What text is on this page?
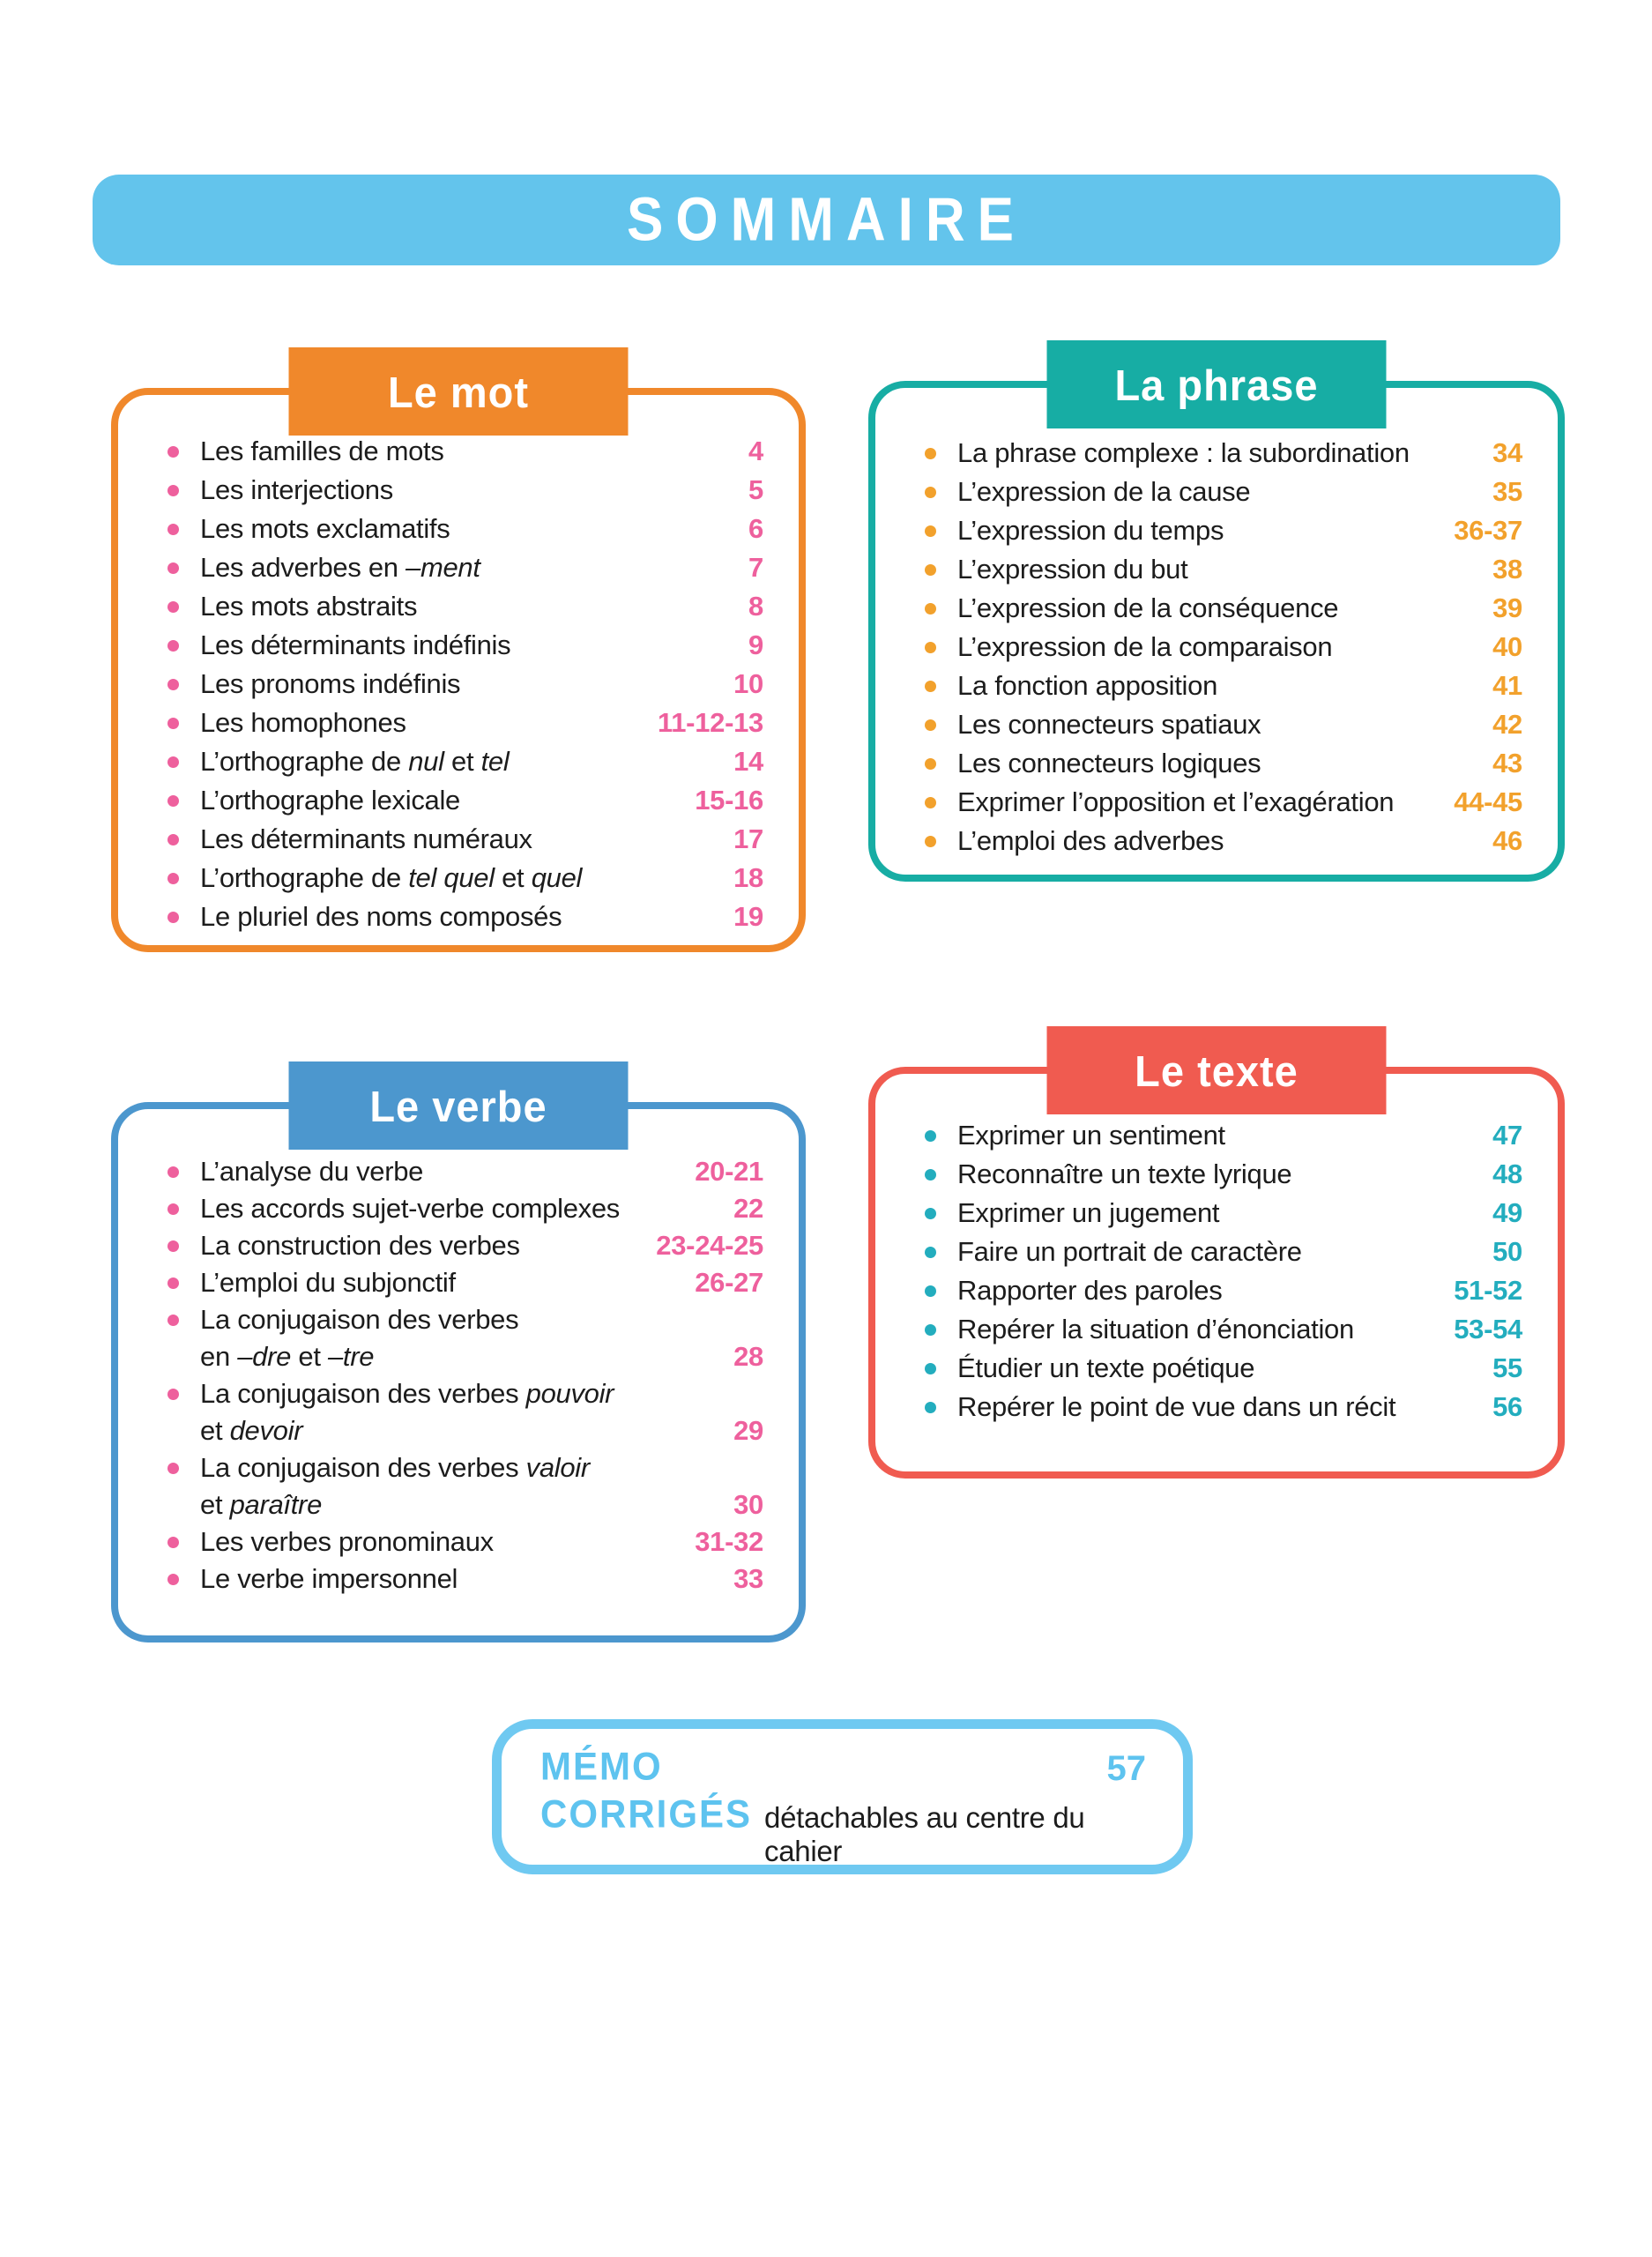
SOMMAIRE
Le mot
Les familles de mots	4
Les interjections	5
Les mots exclamatifs	6
Les adverbes en –ment	7
Les mots abstraits	8
Les déterminants indéfinis	9
Les pronoms indéfinis	10
Les homophones	11-12-13
L’orthographe de nul et tel	14
L’orthographe lexicale	15-16
Les déterminants numéraux	17
L’orthographe de tel quel et quel	18
Le pluriel des noms composés	19
La phrase
La phrase complexe : la subordination	34
L’expression de la cause	35
L’expression du temps	36-37
L’expression du but	38
L’expression de la conséquence	39
L’expression de la comparaison	40
La fonction apposition	41
Les connecteurs spatiaux	42
Les connecteurs logiques	43
Exprimer l’opposition et l’exagération 44-45
L’emploi des adverbes	46
Le verbe
L’analyse du verbe	20-21
Les accords sujet-verbe complexes	22
La construction des verbes	23-24-25
L’emploi du subjonctif	26-27
La conjugaison des verbes
en –dre et –tre	28
La conjugaison des verbes pouvoir
et devoir	29
La conjugaison des verbes valoir
et paraître	30
Les verbes pronominaux	31-32
Le verbe impersonnel	33
Le texte
Exprimer un sentiment	47
Reconnaître un texte lyrique	48
Exprimer un jugement	49
Faire un portrait de caractère	50
Rapporter des paroles	51-52
Repérer la situation d’énonciation	53-54
Étudier un texte poétique	55
Repérer le point de vue dans un récit	56
MÉMO	57
CORRIGÉS détachables au centre du cahier
